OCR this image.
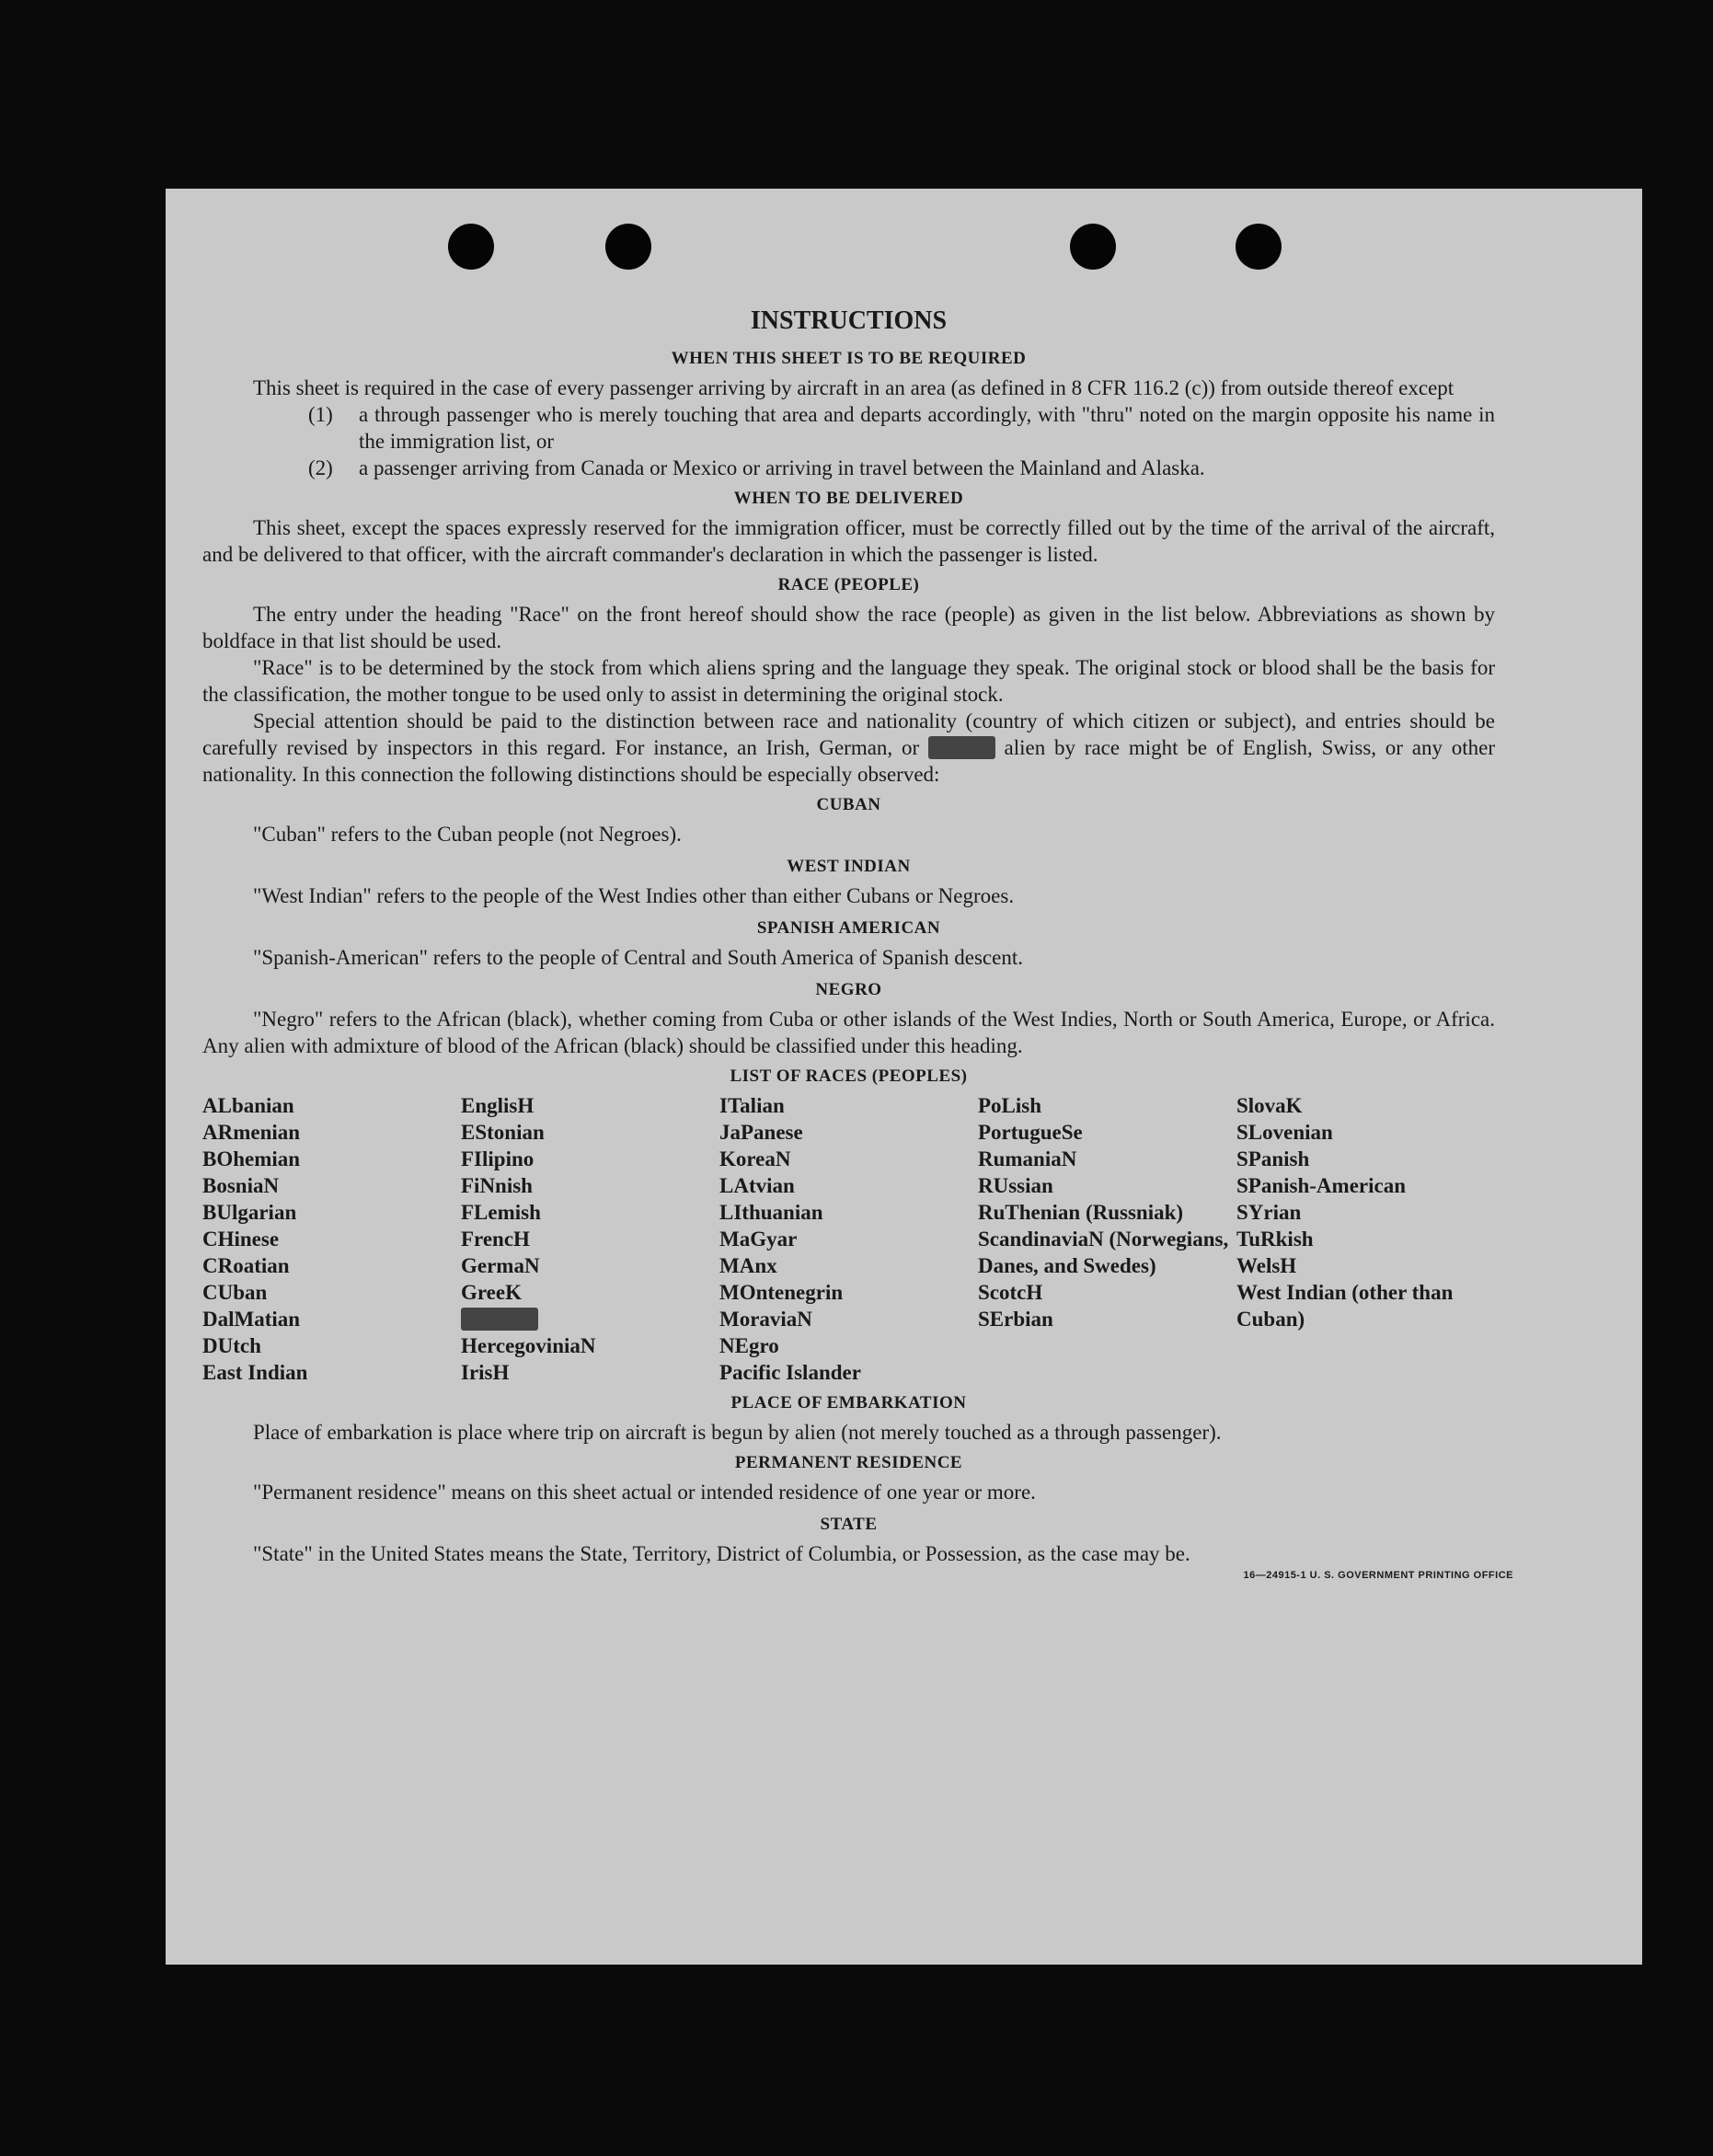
INSTRUCTIONS
WHEN THIS SHEET IS TO BE REQUIRED

This sheet is required in the case of every passenger arriving by aircraft in an area (as defined in 8 CFR 116.2 (c)) from outside thereof except

(1)	a through passenger who is merely touching that area and departs accordingly, with "thru" noted on the margin opposite his name in the immigration list, or
(2)	a passenger arriving from Canada or Mexico or arriving in travel between the Mainland and Alaska.
WHEN TO BE DELIVERED

This sheet, except the spaces expressly reserved for the immigration officer, must be correctly filled out by the time of the arrival of the aircraft, and be delivered to that officer, with the aircraft commander's declaration in which the passenger is listed.

RACE (PEOPLE)

The entry under the heading "Race" on the front hereof should show the race (people) as given in the list below. Abbreviations as shown by boldface in that list should be used.

"Race" is to be determined by the stock from which aliens spring and the language they speak. The original stock or blood shall be the basis for the classification, the mother tongue to be used only to assist in determining the original stock.

Special attention should be paid to the distinction between race and nationality (country of which citizen or subject), and entries should be carefully revised by inspectors in this regard. For instance, an Irish, German, or	alien by race might be of English, Swiss, or any other nationality. In this connection the following distinctions should be especially observed:

CUBAN

"Cuban" refers to the Cuban people (not Negroes).

WEST INDIAN

"West Indian" refers to the people of the West Indies other than either Cubans or Negroes.

SPANISH AMERICAN

"Spanish-American" refers to the people of Central and South America of Spanish descent.

NEGRO

"Negro" refers to the African (black), whether coming from Cuba or other islands of the West Indies, North or South America, Europe, or Africa. Any alien with admixture of blood of the African (black) should be classified under this heading.

LIST OF RACES (PEOPLES)
ALbanian
ARmenian
BOhemian
BosniaN
BUlgarian
CHinese
CRoatian
CUban
DalMatian
DUtch
East Indian
EnglisH
EStonian
FIlipino
FiNnish
FLemish
FrencH
GermaN
GreeK
HercegoviniaN
IrisH
ITalian
JaPanese
KoreaN
LAtvian
LIthuanian
MaGyar
MAnx
MOntenegrin
MoraviaN
NEgro
Pacific Islander
PoLish
PortugueSe
RumaniaN
RUssian
RuThenian (Russniak)
ScandinaviaN (Norwegians, Danes, and Swedes)
ScotcH
SErbian
SlovaK
SLovenian
SPanish
SPanish-American
SYrian
TuRkish
WelsH
West Indian (other than Cuban)
PLACE OF EMBARKATION

Place of embarkation is place where trip on aircraft is begun by alien (not merely touched as a through passenger).

PERMANENT RESIDENCE

"Permanent residence" means on this sheet actual or intended residence of one year or more.

STATE

"State" in the United States means the State, Territory, District of Columbia, or Possession, as the case may be.

16—24915-1 U. S. GOVERNMENT PRINTING OFFICE
